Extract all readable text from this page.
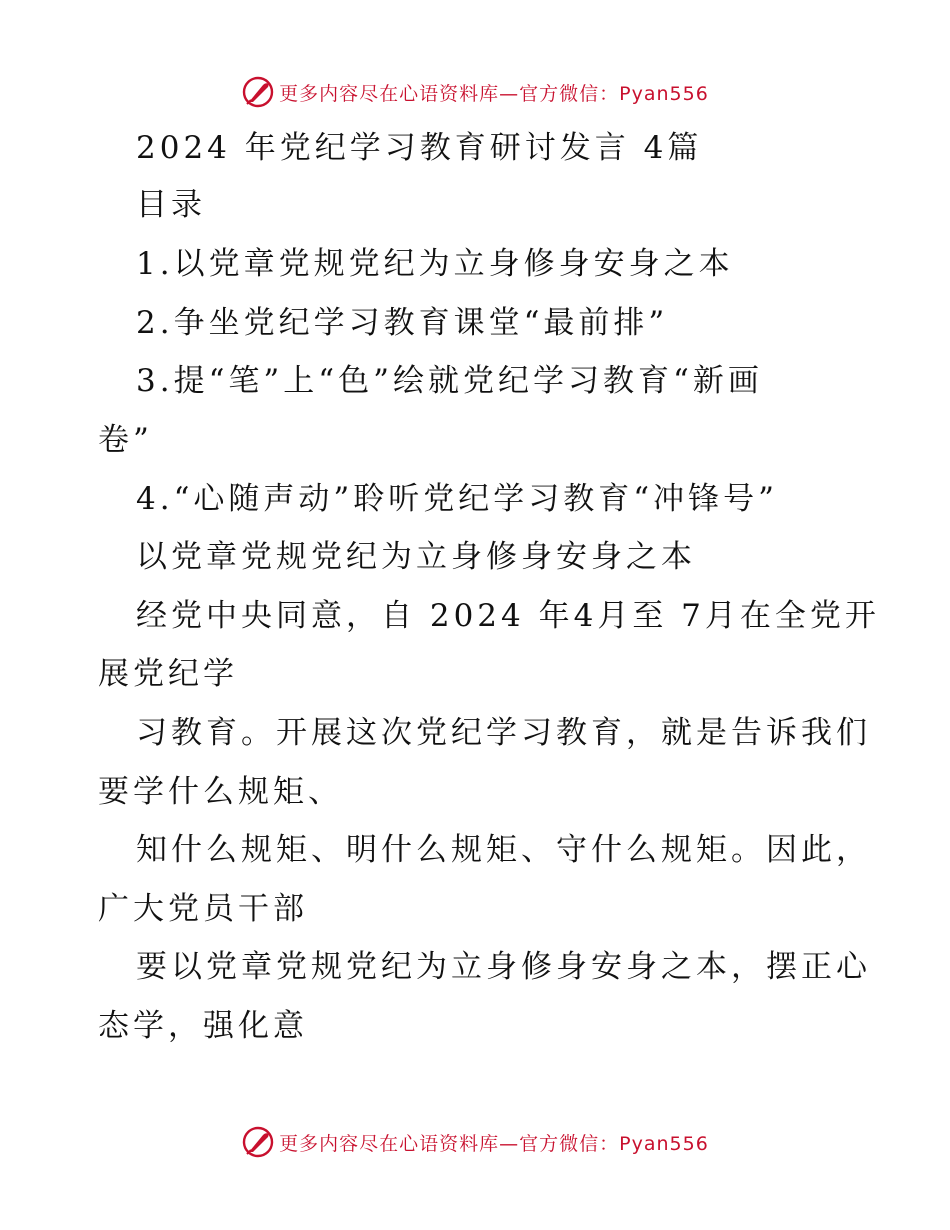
更多内容尽在心语资料库—官方微信：Pyan556

2024 年党纪学习教育研讨发言 4篇

目录

1.以党章党规党纪为立身修身安身之本

2.争坐党纪学习教育课堂“最前排”

3.提“笔”上“色”绘就党纪学习教育“新画

卷”

4.“心随声动”聆听党纪学习教育“冲锋号”

以党章党规党纪为立身修身安身之本

经党中央同意，自 2024 年4月至 7月在全党开

展党纪学

习教育。开展这次党纪学习教育，就是告诉我们

要学什么规矩、

知什么规矩、明什么规矩、守什么规矩。因此，

广大党员干部

要以党章党规党纪为立身修身安身之本，摆正心

态学，强化意

更多内容尽在心语资料库—官方微信：Pyan556
